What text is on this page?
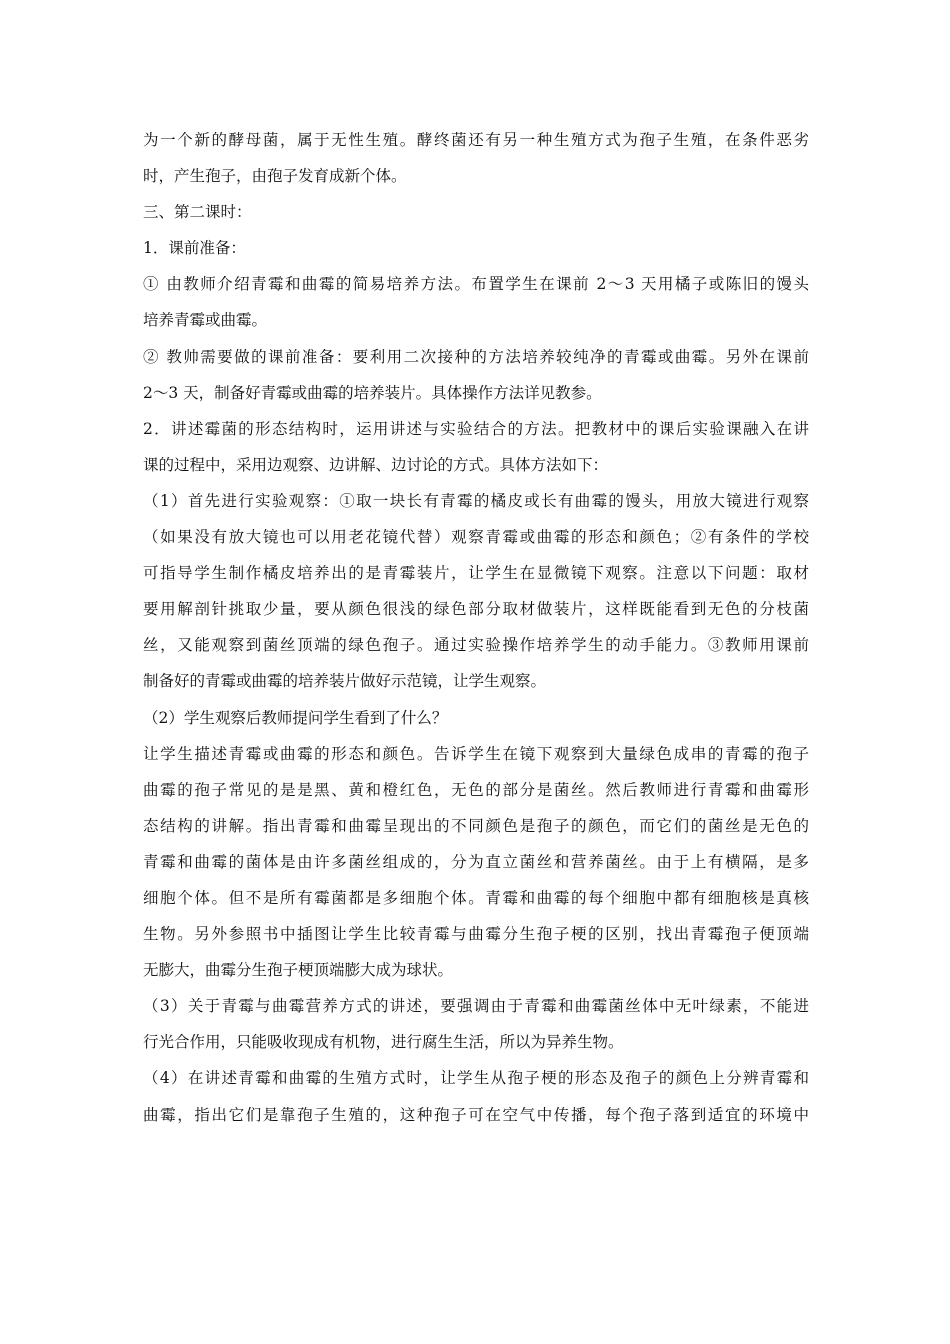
为一个新的酵母菌，属于无性生殖。酵终菌还有另一种生殖方式为孢子生殖，在条件恶劣
时，产生孢子，由孢子发育成新个体。
三、第二课时：
1．课前准备：
① 由教师介绍青霉和曲霉的简易培养方法。布置学生在课前 2～3 天用橘子或陈旧的馒头
培养青霉或曲霉。
② 教帅需要做的课前准备：要利用二次接种的方法培养较纯净的青霉或曲霉。另外在课前
2～3 天，制备好青霉或曲霉的培养装片。具体操作方法详见教参。
2．讲述霉菌的形态结构时，运用讲述与实验结合的方法。把教材中的课后实验课融入在讲
课的过程中，采用边观察、边讲解、边讨论的方式。具体方法如下：
（1）首先进行实验观察：①取一块长有青霉的橘皮或长有曲霉的馒头，用放大镜进行观察
（如果没有放大镜也可以用老花镜代替）观察青霉或曲霉的形态和颜色；②有条件的学校
可指导学生制作橘皮培养出的是青霉装片，让学生在显微镜下观察。注意以下问题：取材
要用解剖针挑取少量，要从颜色很浅的绿色部分取材做装片，这样既能看到无色的分枝菌
丝，又能观察到菌丝顶端的绿色孢子。通过实验操作培养学生的动手能力。③教师用课前
制备好的青霉或曲霉的培养装片做好示范镜，让学生观察。
（2）学生观察后教师提问学生看到了什么？
让学生描述青霉或曲霉的形态和颜色。告诉学生在镜下观察到大量绿色成串的青霉的孢子
曲霉的孢子常见的是是黑、黄和橙红色，无色的部分是菌丝。然后教师进行青霉和曲霉形
态结构的讲解。指出青霉和曲霉呈现出的不同颜色是孢子的颜色，而它们的菌丝是无色的
青霉和曲霉的菌体是由许多菌丝组成的，分为直立菌丝和营养菌丝。由于上有横隔，是多
细胞个体。但不是所有霉菌都是多细胞个体。青霉和曲霉的每个细胞中都有细胞核是真核
生物。另外参照书中插图让学生比较青霉与曲霉分生孢子梗的区别，找出青霉孢子便顶端
无膨大，曲霉分生孢子梗顶端膨大成为球状。
（3）关于青霉与曲霉营养方式的讲述，要强调由于青霉和曲霉菌丝体中无叶绿素，不能进
行光合作用，只能吸收现成有机物，进行腐生生活，所以为异养生物。
（4）在讲述青霉和曲霉的生殖方式时，让学生从孢子梗的形态及孢子的颜色上分辨青霉和
曲霉，指出它们是靠孢子生殖的，这种孢子可在空气中传播，每个孢子落到适宜的环境中
